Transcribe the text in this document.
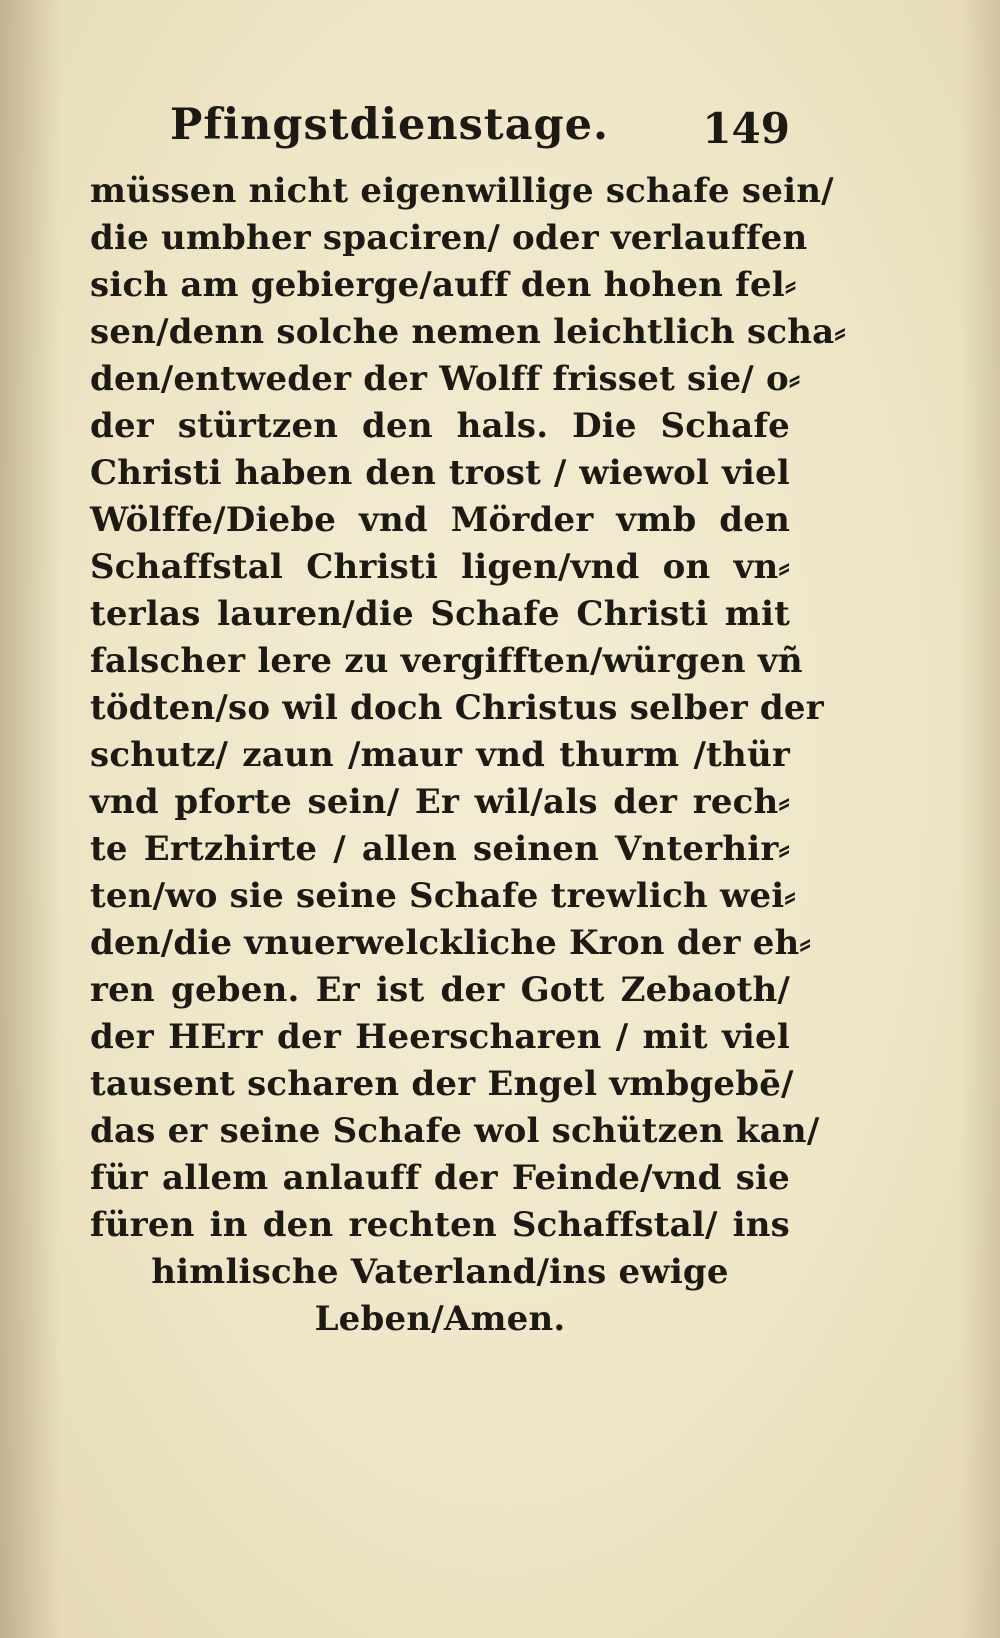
Pfingstdienstage. 149
müssen nicht eigenwillige schafe sein/
die umbher spaciren/ oder verlauffen
sich am gebierge/auff den hohen fel⸗
sen/denn solche nemen leichtlich scha⸗
den/entweder der Wolff frisset sie/ o⸗
der stürtzen den hals. Die Schafe
Christi haben den trost / wiewol viel
Wölffe/Diebe vnd Mörder vmb den
Schaffstal Christi ligen/vnd on vn⸗
terlas lauren/die Schafe Christi mit
falscher lere zu vergifften/würgen vñ
tödten/so wil doch Christus selber der
schutz/ zaun /maur vnd thurm /thür
vnd pforte sein/ Er wil/als der rech⸗
te Ertzhirte / allen seinen Vnterhir⸗
ten/wo sie seine Schafe trewlich wei⸗
den/die vnuerwelckliche Kron der eh⸗
ren geben. Er ist der Gott Zebaoth/
der HErr der Heerscharen / mit viel
tausent scharen der Engel vmbgebē/
das er seine Schafe wol schützen kan/
für allem anlauff der Feinde/vnd sie
füren in den rechten Schaffstal/ ins
himlische Vaterland/ins ewige
Leben/Amen.
